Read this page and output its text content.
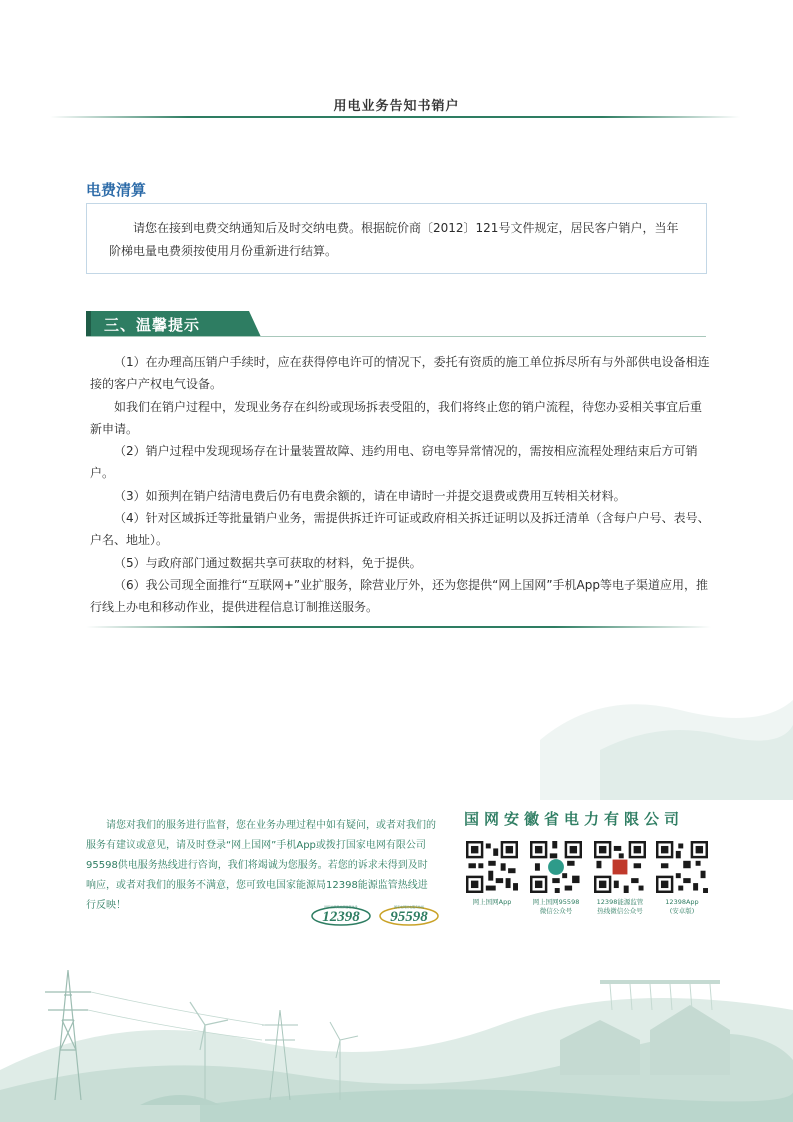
用电业务告知书销户
电费清算

请您在接到电费交纳通知后及时交纳电费。根据皖价商〔2012〕121号文件规定，居民客户销户，当年阶梯电量电费须按使用月份重新进行结算。

三、温馨提示

（1）在办理高压销户手续时，应在获得停电许可的情况下，委托有资质的施工单位拆尽所有与外部供电设备相连接的客户产权电气设备。

如我们在销户过程中，发现业务存在纠纷或现场拆表受阻的，我们将终止您的销户流程，待您办妥相关事宜后重新申请。

（2）销户过程中发现现场存在计量装置故障、违约用电、窃电等异常情况的，需按相应流程处理结束后方可销户。

（3）如预判在销户结清电费后仍有电费余额的，请在申请时一并提交退费或费用互转相关材料。

（4）针对区域拆迁等批量销户业务，需提供拆迁许可证或政府相关拆迁证明以及拆迁清单（含每户户号、表号、户名、地址）。

（5）与政府部门通过数据共享可获取的材料，免于提供。

（6）我公司现全面推行“互联网+”业扩服务，除营业厅外，还为您提供“网上国网”手机App等电子渠道应用，推行线上办电和移动作业，提供进程信息订制推送服务。

请您对我们的服务进行监督，您在业务办理过程中如有疑问，或者对我们的服务有建议或意见，请及时登录“网上国网”手机App或拨打国家电网有限公司95598供电服务热线进行咨询，我们将竭诚为您服务。若您的诉求未得到及时响应，或者对我们的服务不满意，您可致电国家能源局12398能源监管热线进行反映！

12398
国家能源局能源监管热线
95598
国家电网供电服务热线
国网安徽省电力有限公司
网上国网App	网上国网95598
微信公众号
12398能源监管
热线微信公众号
12398App
(安卓版)
